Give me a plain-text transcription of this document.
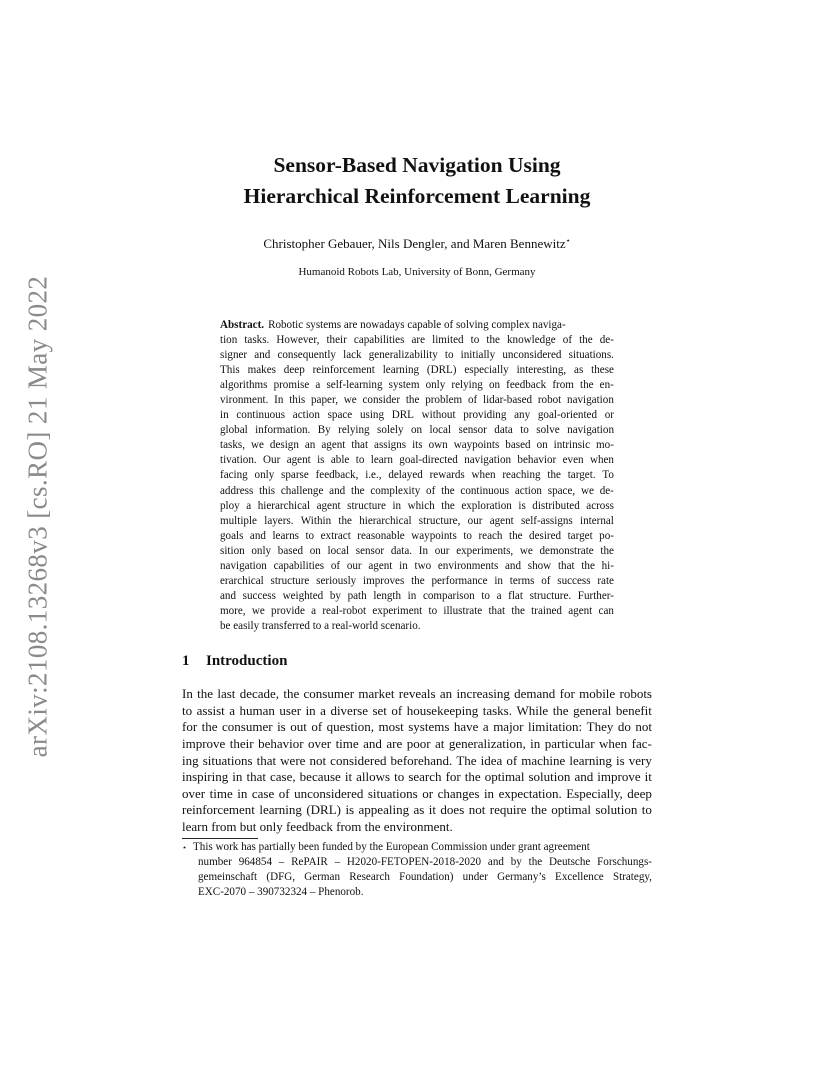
arXiv:2108.13268v3 [cs.RO] 21 May 2022
Sensor-Based Navigation Using
Hierarchical Reinforcement Learning
Christopher Gebauer, Nils Dengler, and Maren Bennewitz⋆
Humanoid Robots Lab, University of Bonn, Germany
Abstract. Robotic systems are nowadays capable of solving complex naviga-
tion tasks. However, their capabilities are limited to the knowledge of the de-
signer and consequently lack generalizability to initially unconsidered situations.
This makes deep reinforcement learning (DRL) especially interesting, as these
algorithms promise a self-learning system only relying on feedback from the en-
vironment. In this paper, we consider the problem of lidar-based robot navigation
in continuous action space using DRL without providing any goal-oriented or
global information. By relying solely on local sensor data to solve navigation
tasks, we design an agent that assigns its own waypoints based on intrinsic mo-
tivation. Our agent is able to learn goal-directed navigation behavior even when
facing only sparse feedback, i.e., delayed rewards when reaching the target. To
address this challenge and the complexity of the continuous action space, we de-
ploy a hierarchical agent structure in which the exploration is distributed across
multiple layers. Within the hierarchical structure, our agent self-assigns internal
goals and learns to extract reasonable waypoints to reach the desired target po-
sition only based on local sensor data. In our experiments, we demonstrate the
navigation capabilities of our agent in two environments and show that the hi-
erarchical structure seriously improves the performance in terms of success rate
and success weighted by path length in comparison to a flat structure. Further-
more, we provide a real-robot experiment to illustrate that the trained agent can
be easily transferred to a real-world scenario.
1 Introduction
In the last decade, the consumer market reveals an increasing demand for mobile robots
to assist a human user in a diverse set of housekeeping tasks. While the general benefit
for the consumer is out of question, most systems have a major limitation: They do not
improve their behavior over time and are poor at generalization, in particular when fac-
ing situations that were not considered beforehand. The idea of machine learning is very
inspiring in that case, because it allows to search for the optimal solution and improve it
over time in case of unconsidered situations or changes in expectation. Especially, deep
reinforcement learning (DRL) is appealing as it does not require the optimal solution to
learn from but only feedback from the environment.
⋆ This work has partially been funded by the European Commission under grant agreement
number 964854 – RePAIR – H2020-FETOPEN-2018-2020 and by the Deutsche Forschungs-
gemeinschaft (DFG, German Research Foundation) under Germany’s Excellence Strategy,
EXC-2070 – 390732324 – Phenorob.
